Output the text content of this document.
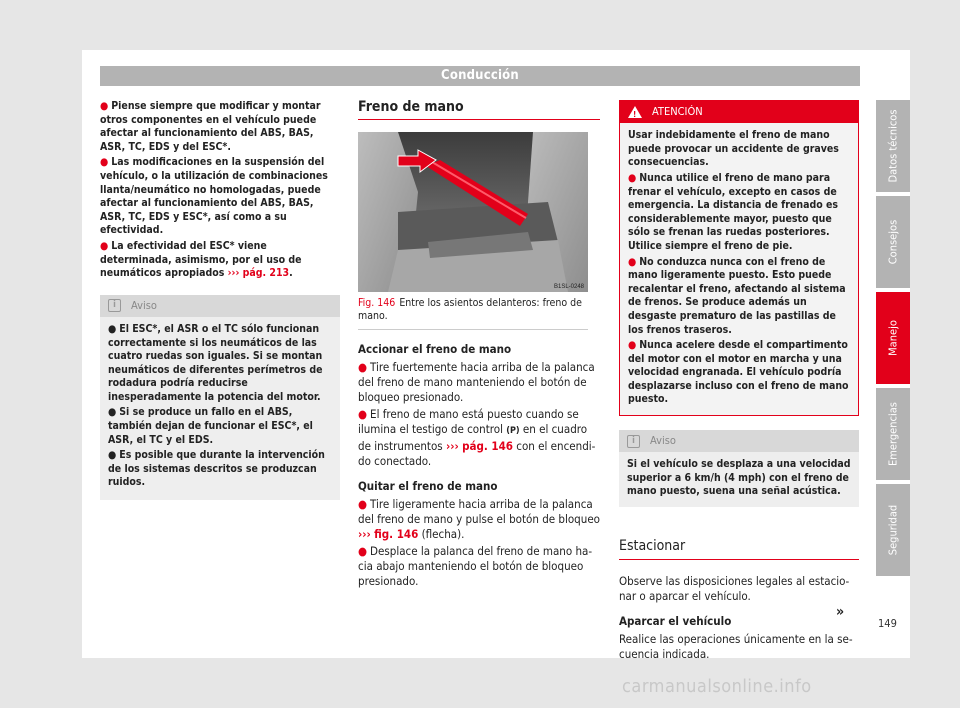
Conducción

● Piense siempre que modificar y montar otros componentes en el vehículo puede afectar al funcionamiento del ABS, BAS, ASR, TC, EDS y del ESC*.

● Las modificaciones en la suspensión del vehículo, o la utilización de combinaciones llanta/neumático no homologadas, puede afectar al funcionamiento del ABS, BAS, ASR, TC, EDS y ESC*, así como a su efectividad.

● La efectividad del ESC* viene determinada, asimismo, por el uso de neumáticos apropiados ››› pág. 213.

i	Aviso

● El ESC*, el ASR o el TC sólo funcionan correctamente si los neumáticos de las cuatro ruedas son iguales. Si se montan neumáticos de diferentes perímetros de rodadura podría reducirse inesperadamente la potencia del motor.

● Si se produce un fallo en el ABS, también dejan de funcionar el ESC*, el ASR, el TC y el EDS.

● Es posible que durante la intervención de los sistemas descritos se produzcan ruidos.

Freno de mano
B1SL-0248
Fig. 146 Entre los asientos delanteros: freno de mano.

Accionar el freno de mano

● Tire fuertemente hacia arriba de la palanca del freno de mano manteniendo el botón de bloqueo presionado.

● El freno de mano está puesto cuando se ilumina el testigo de control (P) en el cuadro de instrumentos ››› pág. 146 con el encendido conectado.

Quitar el freno de mano

● Tire ligeramente hacia arriba de la palanca del freno de mano y pulse el botón de bloqueo ››› fig. 146 (flecha).

● Desplace la palanca del freno de mano hacia abajo manteniendo el botón de bloqueo presionado.

! ATENCIÓN

Usar indebidamente el freno de mano puede provocar un accidente de graves consecuencias.

● Nunca utilice el freno de mano para frenar el vehículo, excepto en casos de emergencia. La distancia de frenado es considerablemente mayor, puesto que sólo se frenan las ruedas posteriores. Utilice siempre el freno de pie.

● No conduzca nunca con el freno de mano ligeramente puesto. Esto puede recalentar el freno, afectando al sistema de frenos. Se produce además un desgaste prematuro de las pastillas de los frenos traseros.

● Nunca acelere desde el compartimento del motor con el motor en marcha y una velocidad engranada. El vehículo podría desplazarse incluso con el freno de mano puesto.

i	Aviso
Si el vehículo se desplaza a una velocidad superior a 6 km/h (4 mph) con el freno de mano puesto, suena una señal acústica.
Estacionar

Observe las disposiciones legales al estacionar o aparcar el vehículo.

Aparcar el vehículo

Realice las operaciones únicamente en la secuencia indicada.

Datos técnicos
Consejos
Manejo
Emergencias
Seguridad
»
149
carmanualsonline.info
